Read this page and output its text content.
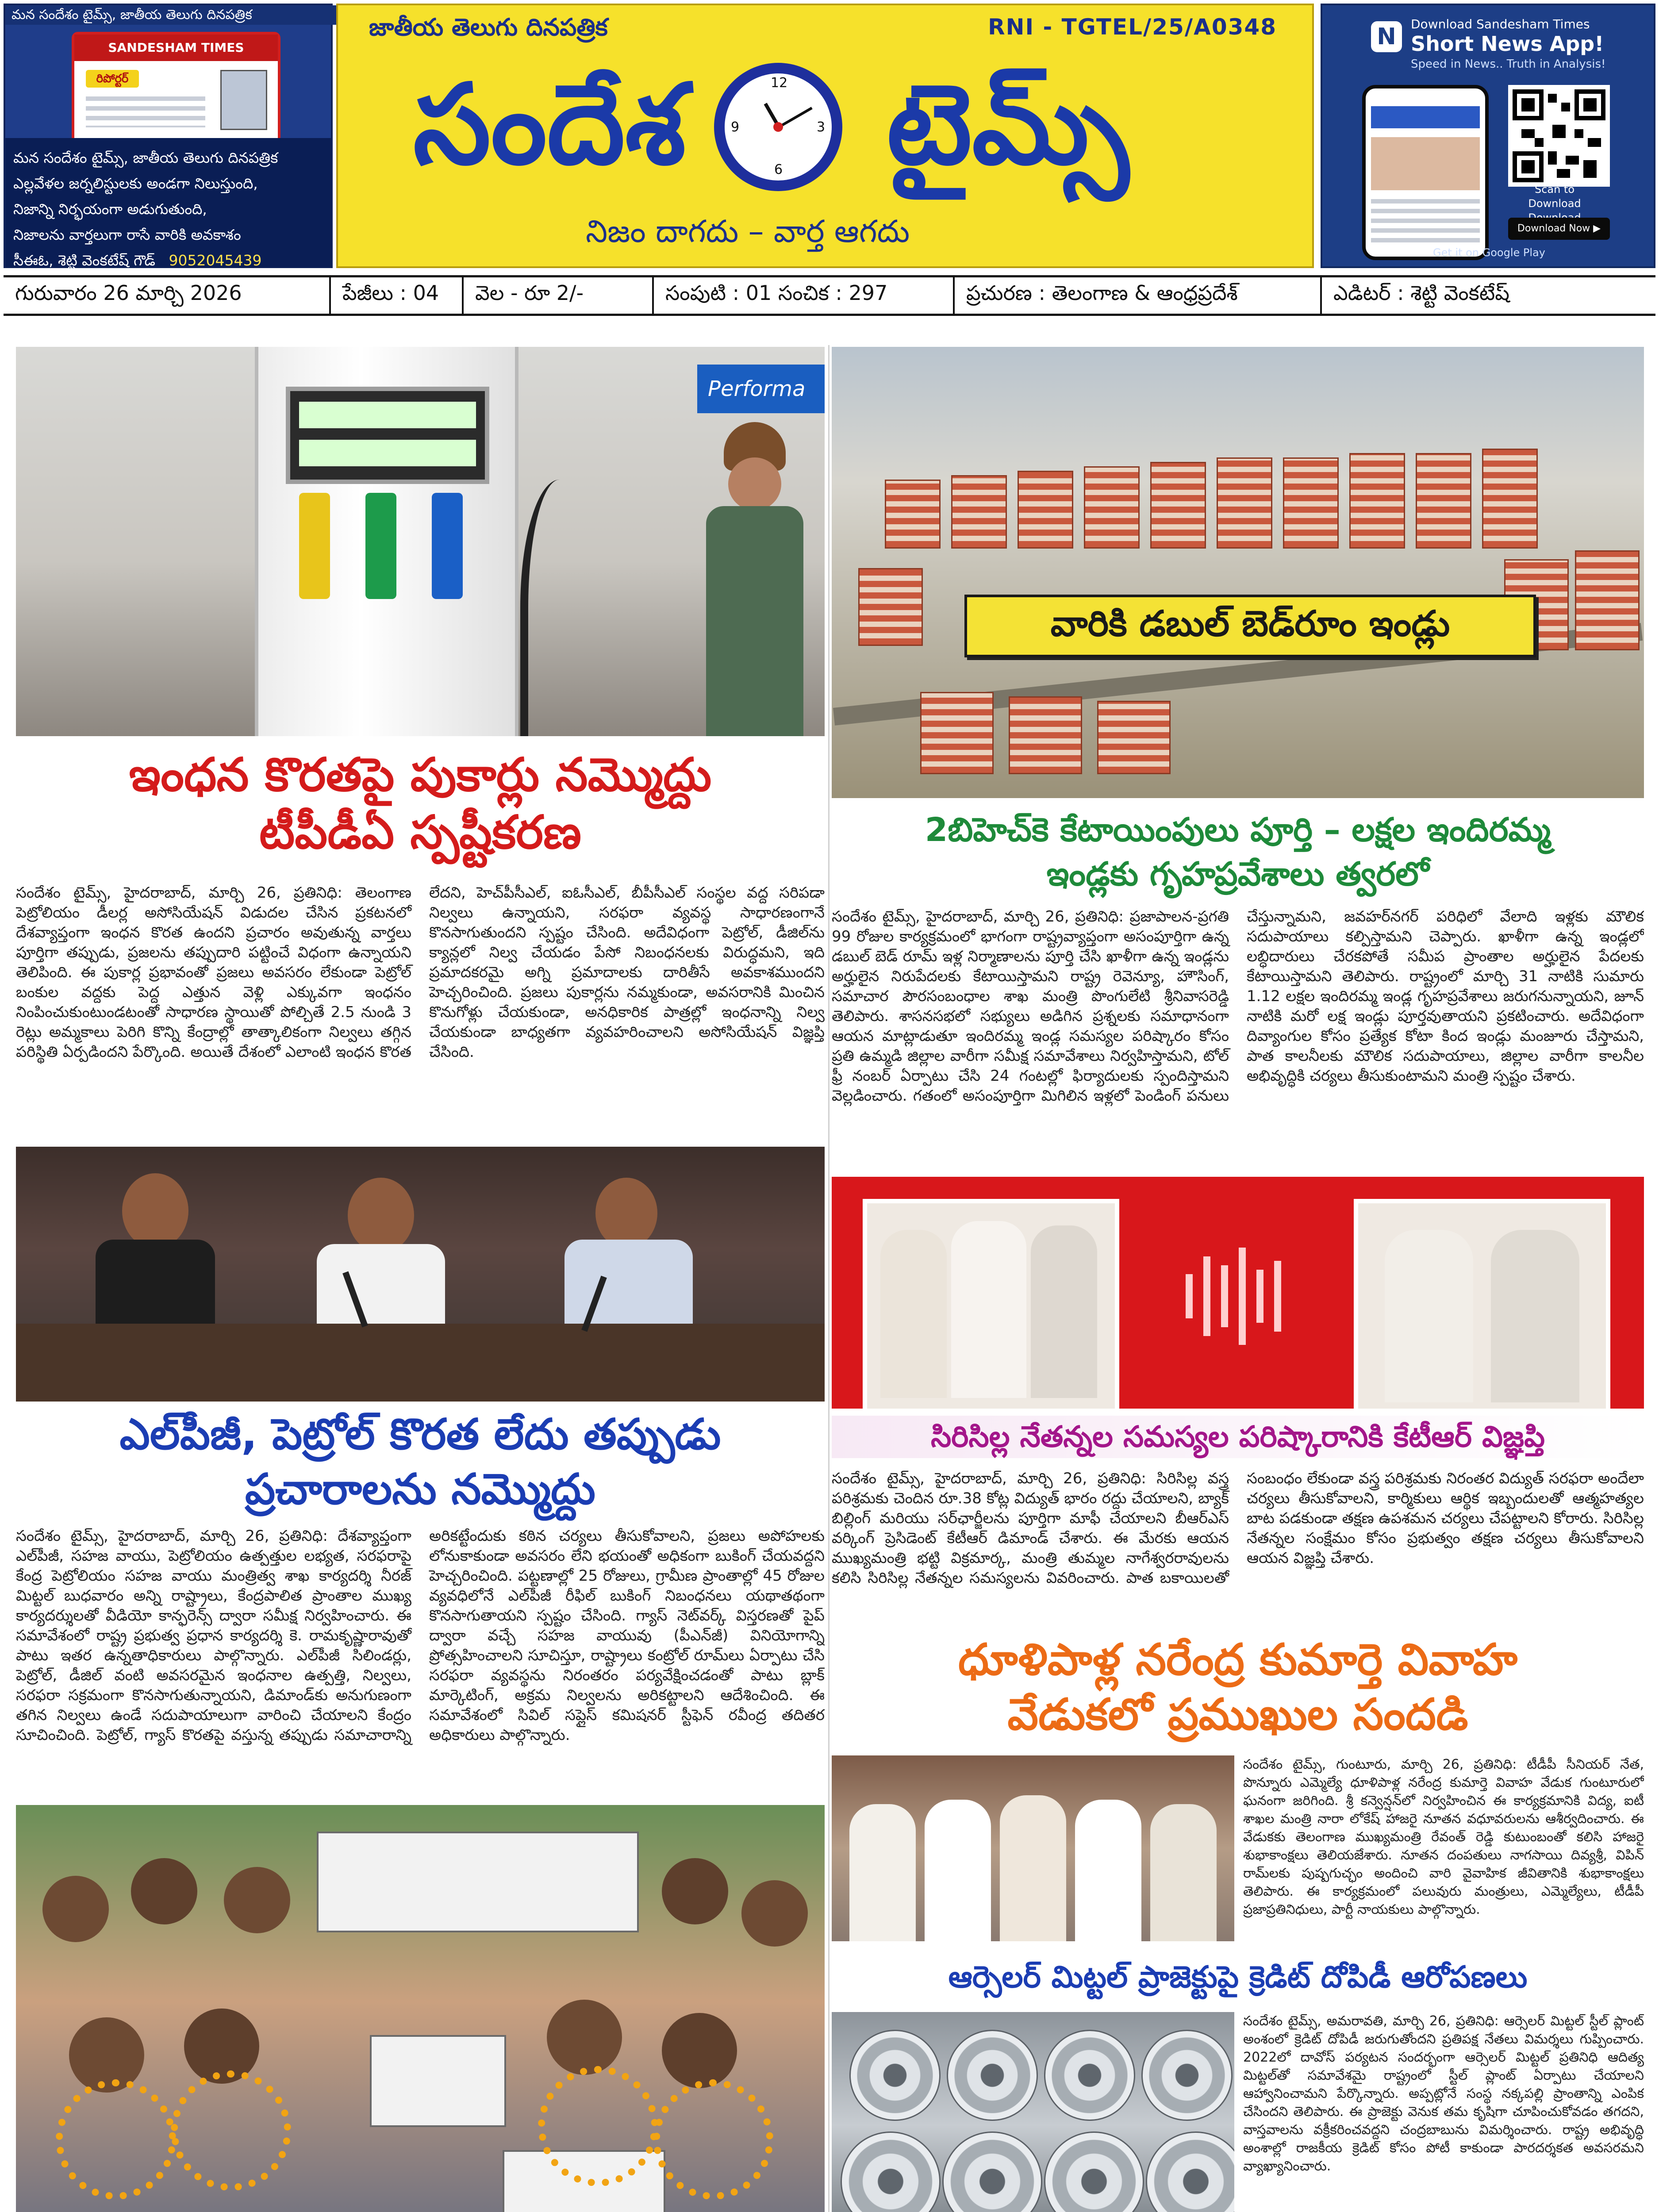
మన సందేశం టైమ్స్, జాతీయ తెలుగు దినపత్రిక
SANDESHAM TIMES
రిపోర్టర్
మన సందేశం టైమ్స్, జాతీయ తెలుగు దినపత్రిక
ఎల్లవేళల జర్నలిస్టులకు అండగా నిలుస్తుంది,
నిజాన్ని నిర్భయంగా అడుగుతుంది,
నిజాలను వార్తలుగా రాసే వారికి అవకాశం
సీఈఓ, శెట్టి వెంకటేష్ గౌడ్ 9052045439
జాతీయ తెలుగు దినపత్రిక	RNI - TGTEL/25/A0348
సందేశ	12
3
6
9 టైమ్స్
నిజం దాగదు – వార్త ఆగదు
N	Download Sandesham Times
Short News App!
Speed in News.. Truth in Analysis!
Scan to Download
Download Now ▶
Get it on Google Play
గురువారం 26 మార్చి 2026	పేజీలు : 04	వెల - రూ 2/-	సంపుటి : 01 సంచిక : 297	ప్రచురణ : తెలంగాణ & ఆంధ్రప్రదేశ్	ఎడిటర్ : శెట్టి వెంకటేష్
Performa
ఇంధన కొరతపై పుకార్లు నమ్మొద్దు
టీపీడీఏ స్పష్టీకరణ
సందేశం టైమ్స్, హైదరాబాద్, మార్చి 26, ప్రతినిధి: తెలంగాణ పెట్రోలియం డీలర్ల అసోసియేషన్ విడుదల చేసిన ప్రకటనలో దేశవ్యాప్తంగా ఇంధన కొరత ఉందని ప్రచారం అవుతున్న వార్తలు పూర్తిగా తప్పుడు, ప్రజలను తప్పుదారి పట్టించే విధంగా ఉన్నాయని తెలిపింది. ఈ పుకార్ల ప్రభావంతో ప్రజలు అవసరం లేకుండా పెట్రోల్ బంకుల వద్దకు పెద్ద ఎత్తున వెళ్లి ఎక్కువగా ఇంధనం నింపించుకుంటుండటంతో సాధారణ స్థాయితో పోల్చితే 2.5 నుండి 3 రెట్లు అమ్మకాలు పెరిగి కొన్ని కేంద్రాల్లో తాత్కాలికంగా నిల్వలు తగ్గిన పరిస్థితి ఏర్పడిందని పేర్కొంది. అయితే దేశంలో ఎలాంటి ఇంధన కొరత లేదని, హెచ్‌పీసీఎల్, ఐఓసీఎల్, బీపీసీఎల్ సంస్థల వద్ద సరిపడా నిల్వలు ఉన్నాయని, సరఫరా వ్యవస్థ సాధారణంగానే కొనసాగుతుందని స్పష్టం చేసింది. అదేవిధంగా పెట్రోల్, డీజిల్‌ను క్యాన్లలో నిల్వ చేయడం పేసో నిబంధనలకు విరుద్ధమని, ఇది ప్రమాదకరమై అగ్ని ప్రమాదాలకు దారితీసే అవకాశముందని హెచ్చరించింది. ప్రజలు పుకార్లను నమ్మకుండా, అవసరానికి మించిన కొనుగోళ్లు చేయకుండా, అనధికారిక పాత్రల్లో ఇంధనాన్ని నిల్వ చేయకుండా బాధ్యతగా వ్యవహరించాలని అసోసియేషన్ విజ్ఞప్తి చేసింది.
వారికి డబుల్ బెడ్‌రూం ఇండ్లు
2బిహెచ్‌కె కేటాయింపులు పూర్తి – లక్షల ఇందిరమ్మ
ఇండ్లకు గృహప్రవేశాలు త్వరలో
సందేశం టైమ్స్, హైదరాబాద్, మార్చి 26, ప్రతినిధి: ప్రజాపాలన-ప్రగతి 99 రోజుల కార్యక్రమంలో భాగంగా రాష్ట్రవ్యాప్తంగా అసంపూర్తిగా ఉన్న డబుల్ బెడ్ రూమ్ ఇళ్ల నిర్మాణాలను పూర్తి చేసి ఖాళీగా ఉన్న ఇండ్లను అర్హులైన నిరుపేదలకు కేటాయిస్తామని రాష్ట్ర రెవెన్యూ, హౌసింగ్, సమాచార పౌరసంబంధాల శాఖ మంత్రి పొంగులేటి శ్రీనివాసరెడ్డి తెలిపారు. శాసనసభలో సభ్యులు అడిగిన ప్రశ్నలకు సమాధానంగా ఆయన మాట్లాడుతూ ఇందిరమ్మ ఇండ్ల సమస్యల పరిష్కారం కోసం ప్రతి ఉమ్మడి జిల్లాల వారీగా సమీక్ష సమావేశాలు నిర్వహిస్తామని, టోల్ ఫ్రీ నంబర్ ఏర్పాటు చేసి 24 గంటల్లో ఫిర్యాదులకు స్పందిస్తామని వెల్లడించారు. గతంలో అసంపూర్తిగా మిగిలిన ఇళ్లలో పెండింగ్ పనులు చేస్తున్నామని, జవహర్‌నగర్ పరిధిలో వేలాది ఇళ్లకు మౌలిక సదుపాయాలు కల్పిస్తామని చెప్పారు. ఖాళీగా ఉన్న ఇండ్లలో లబ్ధిదారులు చేరకపోతే సమీప ప్రాంతాల అర్హులైన పేదలకు కేటాయిస్తామని తెలిపారు. రాష్ట్రంలో మార్చి 31 నాటికి సుమారు 1.12 లక్షల ఇందిరమ్మ ఇండ్ల గృహప్రవేశాలు జరుగనున్నాయని, జూన్ నాటికి మరో లక్ష ఇండ్లు పూర్తవుతాయని ప్రకటించారు. అదేవిధంగా దివ్యాంగుల కోసం ప్రత్యేక కోటా కింద ఇండ్లు మంజూరు చేస్తామని, పాత కాలనీలకు మౌలిక సదుపాయాలు, జిల్లాల వారీగా కాలనీల అభివృద్ధికి చర్యలు తీసుకుంటామని మంత్రి స్పష్టం చేశారు.
ఎల్‌పీజీ, పెట్రోల్ కొరత లేదు తప్పుడు
ప్రచారాలను నమ్మొద్దు
సందేశం టైమ్స్, హైదరాబాద్, మార్చి 26, ప్రతినిధి: దేశవ్యాప్తంగా ఎల్‌పీజీ, సహజ వాయు, పెట్రోలియం ఉత్పత్తుల లభ్యత, సరఫరాపై కేంద్ర పెట్రోలియం సహజ వాయు మంత్రిత్వ శాఖ కార్యదర్శి నీరజ్ మిట్టల్ బుధవారం అన్ని రాష్ట్రాలు, కేంద్రపాలిత ప్రాంతాల ముఖ్య కార్యదర్శులతో వీడియో కాన్ఫరెన్స్ ద్వారా సమీక్ష నిర్వహించారు. ఈ సమావేశంలో రాష్ట్ర ప్రభుత్వ ప్రధాన కార్యదర్శి కె. రామకృష్ణారావుతో పాటు ఇతర ఉన్నతాధికారులు పాల్గొన్నారు. ఎల్‌పీజీ సిలిండర్లు, పెట్రోల్, డీజిల్ వంటి అవసరమైన ఇంధనాల ఉత్పత్తి, నిల్వలు, సరఫరా సక్రమంగా కొనసాగుతున్నాయని, డిమాండ్‌కు అనుగుణంగా తగిన నిల్వలు ఉండే సదుపాయాలుగా వారించి చేయాలని కేంద్రం సూచించింది. పెట్రోల్, గ్యాస్ కొరతపై వస్తున్న తప్పుడు సమాచారాన్ని అరికట్టేందుకు కఠిన చర్యలు తీసుకోవాలని, ప్రజలు అపోహలకు లోనుకాకుండా అవసరం లేని భయంతో అధికంగా బుకింగ్ చేయవద్దని హెచ్చరించింది. పట్టణాల్లో 25 రోజులు, గ్రామీణ ప్రాంతాల్లో 45 రోజుల వ్యవధిలోనే ఎల్‌పీజీ రీఫిల్ బుకింగ్ నిబంధనలు యథాతథంగా కొనసాగుతాయని స్పష్టం చేసింది. గ్యాస్ నెట్‌వర్క్ విస్తరణతో పైప్ ద్వారా వచ్చే సహజ వాయువు (పీఎన్‌జీ) వినియోగాన్ని ప్రోత్సహించాలని సూచిస్తూ, రాష్ట్రాలు కంట్రోల్ రూమ్‌లు ఏర్పాటు చేసి సరఫరా వ్యవస్థను నిరంతరం పర్యవేక్షించడంతో పాటు బ్లాక్ మార్కెటింగ్, అక్రమ నిల్వలను అరికట్టాలని ఆదేశించింది. ఈ సమావేశంలో సివిల్ సప్లైస్ కమిషనర్ స్టీఫెన్ రవీంద్ర తదితర అధికారులు పాల్గొన్నారు.
సిరిసిల్ల నేతన్నల సమస్యల పరిష్కారానికి కేటీఆర్ విజ్ఞప్తి
సందేశం టైమ్స్, హైదరాబాద్, మార్చి 26, ప్రతినిధి: సిరిసిల్ల వస్త్ర పరిశ్రమకు చెందిన రూ.38 కోట్ల విద్యుత్ భారం రద్దు చేయాలని, బ్యాక్ బిల్లింగ్ మరియు సర్‌ఛార్జీలను పూర్తిగా మాఫీ చేయాలని బీఆర్‌ఎస్ వర్కింగ్ ప్రెసిడెంట్ కేటీఆర్ డిమాండ్ చేశారు. ఈ మేరకు ఆయన ముఖ్యమంత్రి భట్టి విక్రమార్క, మంత్రి తుమ్మల నాగేశ్వరరావులను కలిసి సిరిసిల్ల నేతన్నల సమస్యలను వివరించారు. పాత బకాయిలతో సంబంధం లేకుండా వస్త్ర పరిశ్రమకు నిరంతర విద్యుత్ సరఫరా అందేలా చర్యలు తీసుకోవాలని, కార్మికులు ఆర్థిక ఇబ్బందులతో ఆత్మహత్యల బాట పడకుండా తక్షణ ఉపశమన చర్యలు చేపట్టాలని కోరారు. సిరిసిల్ల నేతన్నల సంక్షేమం కోసం ప్రభుత్వం తక్షణ చర్యలు తీసుకోవాలని ఆయన విజ్ఞప్తి చేశారు.
ధూళిపాళ్ల నరేంద్ర కుమార్తె వివాహ
వేడుకలో ప్రముఖుల సందడి
సందేశం టైమ్స్, గుంటూరు, మార్చి 26, ప్రతినిధి: టీడీపీ సీనియర్ నేత, పొన్నూరు ఎమ్మెల్యే ధూళిపాళ్ల నరేంద్ర కుమార్తె వివాహ వేడుక గుంటూరులో ఘనంగా జరిగింది. శ్రీ కన్వెన్షన్‌లో నిర్వహించిన ఈ కార్యక్రమానికి విద్య, ఐటీ శాఖల మంత్రి నారా లోకేష్ హాజరై నూతన వధూవరులను ఆశీర్వదించారు. ఈ వేడుకకు తెలంగాణ ముఖ్యమంత్రి రేవంత్ రెడ్డి కుటుంబంతో కలిసి హాజరై శుభాకాంక్షలు తెలియజేశారు. నూతన దంపతులు నాగసాయి దివ్యశ్రీ, విపిన్ రామ్‌లకు పుష్పగుచ్ఛం అందించి వారి వైవాహిక జీవితానికి శుభాకాంక్షలు తెలిపారు. ఈ కార్యక్రమంలో పలువురు మంత్రులు, ఎమ్మెల్యేలు, టీడీపీ ప్రజాప్రతినిధులు, పార్టీ నాయకులు పాల్గొన్నారు.
ఆర్సెలర్ మిట్టల్ ప్రాజెక్టుపై క్రెడిట్ దోపిడీ ఆరోపణలు
సందేశం టైమ్స్, అమరావతి, మార్చి 26, ప్రతినిధి: ఆర్సెలర్ మిట్టల్ స్టీల్ ప్లాంట్ అంశంలో క్రెడిట్ దోపిడీ జరుగుతోందని ప్రతిపక్ష నేతలు విమర్శలు గుప్పించారు. 2022లో దావోస్ పర్యటన సందర్భంగా ఆర్సెలర్ మిట్టల్ ప్రతినిధి ఆదిత్య మిట్టల్‌తో సమావేశమై రాష్ట్రంలో స్టీల్ ప్లాంట్ ఏర్పాటు చేయాలని ఆహ్వానించామని పేర్కొన్నారు. అప్పట్లోనే సంస్థ నక్కపల్లి ప్రాంతాన్ని ఎంపిక చేసిందని తెలిపారు. ఈ ప్రాజెక్టు వెనుక తమ కృషిగా చూపించుకోవడం తగదని, వాస్తవాలను వక్రీకరించవద్దని చంద్రబాబును విమర్శించారు. రాష్ట్ర అభివృద్ధి అంశాల్లో రాజకీయ క్రెడిట్ కోసం పోటీ కాకుండా పారదర్శకత అవసరమని వ్యాఖ్యానించారు.
